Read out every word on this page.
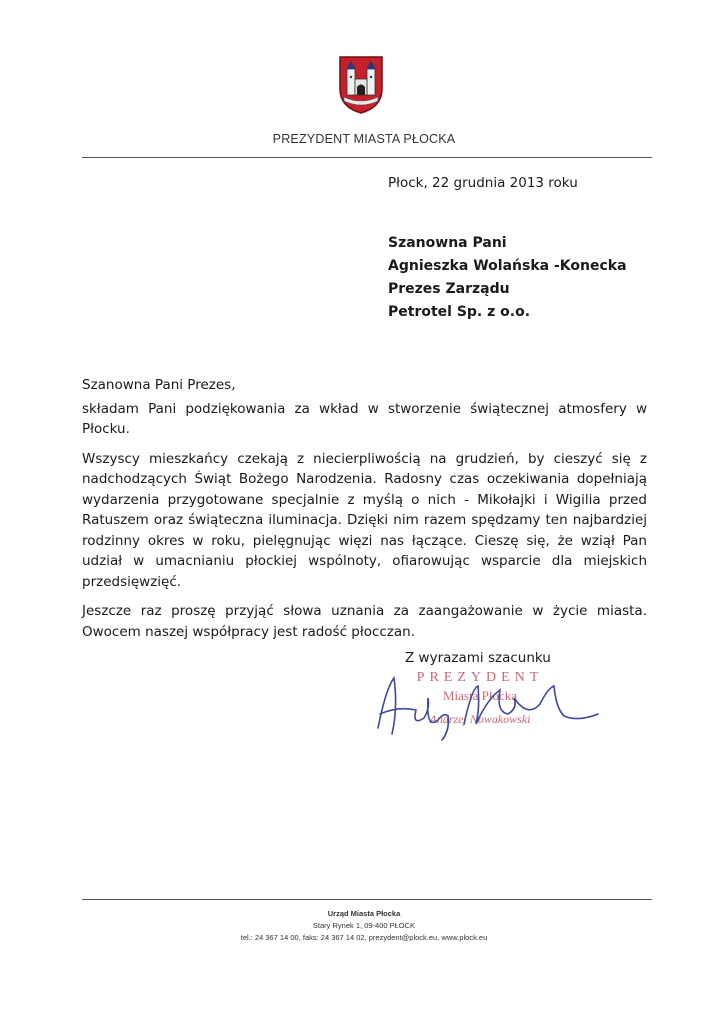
PREZYDENT MIASTA PŁOCKA
Płock, 22 grudnia 2013 roku
Szanowna Pani
Agnieszka Wolańska -Konecka
Prezes Zarządu
Petrotel Sp. z o.o.

Szanowna Pani Prezes,

składam Pani podziękowania za wkład w stworzenie świątecznej atmosfery w Płocku.

Wszyscy mieszkańcy czekają z niecierpliwością na grudzień, by cieszyć się z nadchodzących Świąt Bożego Narodzenia. Radosny czas oczekiwania dopełniają wydarzenia przygotowane specjalnie z myślą o nich - Mikołajki i Wigilia przed Ratuszem oraz świąteczna iluminacja. Dzięki nim razem spędzamy ten najbardziej rodzinny okres w roku, pielęgnując więzi nas łączące. Cieszę się, że wziął Pan udział w umacnianiu płockiej wspólnoty, ofiarowując wsparcie dla miejskich przedsięwzięć.

Jeszcze raz proszę przyjąć słowa uznania za zaangażowanie w życie miasta. Owocem naszej współpracy jest radość płocczan.

Z wyrazami szacunku
PREZYDENT
Miasta Płocka
Andrzej Nowakowski
Urząd Miasta Płocka
Stary Rynek 1, 09-400 PŁOCK
tel.: 24 367 14 00, faks: 24 367 14 02, prezydent@plock.eu, www.plock.eu
